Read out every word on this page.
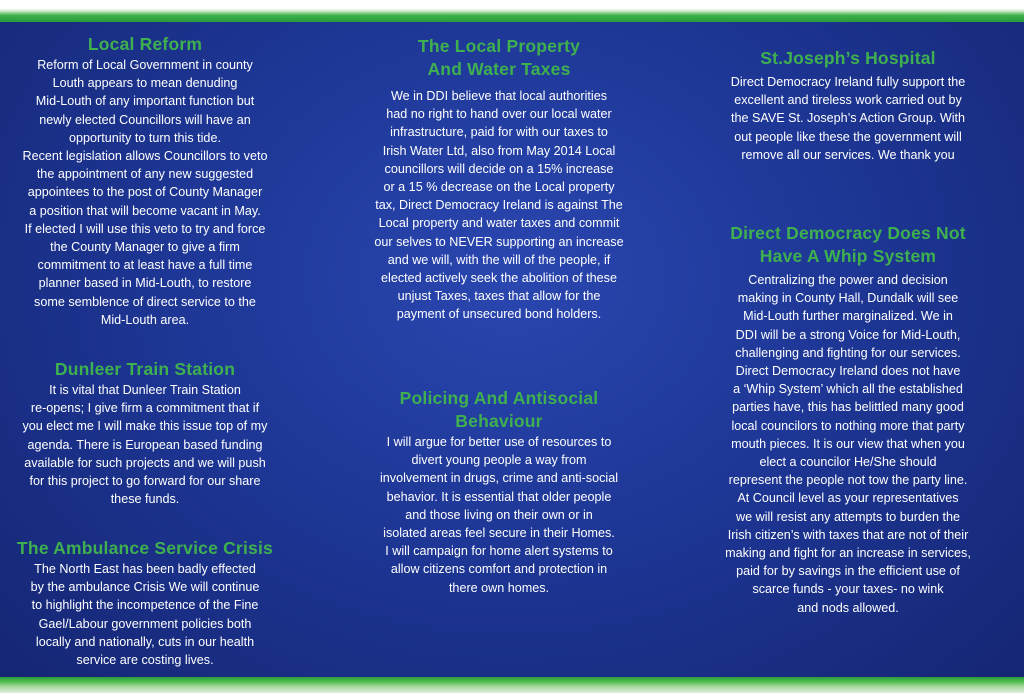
Local Reform

Reform of Local Government in county

Louth appears to mean denuding

Mid-Louth of any important function but

newly elected Councillors will have an

opportunity to turn this tide.

Recent legislation allows Councillors to veto

the appointment of any new suggested

appointees to the post of County Manager

a position that will become vacant in May.

If elected I will use this veto to try and force

the County Manager to give a firm

commitment to at least have a full time

planner based in Mid-Louth, to restore

some semblence of direct service to the

Mid-Louth area.

Dunleer Train Station

It is vital that Dunleer Train Station

re-opens; I give firm a commitment that if

you elect me I will make this issue top of my

agenda. There is European based funding

available for such projects and we will push

for this project to go forward for our share

these funds.

The Ambulance Service Crisis

The North East has been badly effected

by the ambulance Crisis We will continue

to highlight the incompetence of the Fine

Gael/Labour government policies both

locally and nationally, cuts in our health

service are costing lives.

The Local Property
And Water Taxes

We in DDI believe that local authorities

had no right to hand over our local water

infrastructure, paid for with our taxes to

Irish Water Ltd, also from May 2014 Local

councillors will decide on a 15% increase

or a 15 % decrease on the Local property

tax, Direct Democracy Ireland is against The

Local property and water taxes and commit

our selves to NEVER supporting an increase

and we will, with the will of the people, if

elected actively seek the abolition of these

unjust Taxes, taxes that allow for the

payment of unsecured bond holders.

Policing And Antisocial
Behaviour

I will argue for better use of resources to

divert young people a way from

involvement in drugs, crime and anti-social

behavior. It is essential that older people

and those living on their own or in

isolated areas feel secure in their Homes.

I will campaign for home alert systems to

allow citizens comfort and protection in

there own homes.

St.Joseph’s Hospital

Direct Democracy Ireland fully support the

excellent and tireless work carried out by

the SAVE St. Joseph’s Action Group. With

out people like these the government will

remove all our services. We thank you

Direct Democracy Does Not
Have A Whip System

Centralizing the power and decision

making in County Hall, Dundalk will see

Mid-Louth further marginalized. We in

DDI will be a strong Voice for Mid-Louth,

challenging and fighting for our services.

Direct Democracy Ireland does not have

a ‘Whip System’ which all the established

parties have, this has belittled many good

local councilors to nothing more that party

mouth pieces. It is our view that when you

elect a councilor He/She should

represent the people not tow the party line.

At Council level as your representatives

we will resist any attempts to burden the

Irish citizen’s with taxes that are not of their

making and fight for an increase in services,

paid for by savings in the efficient use of

scarce funds - your taxes- no wink

and nods allowed.
